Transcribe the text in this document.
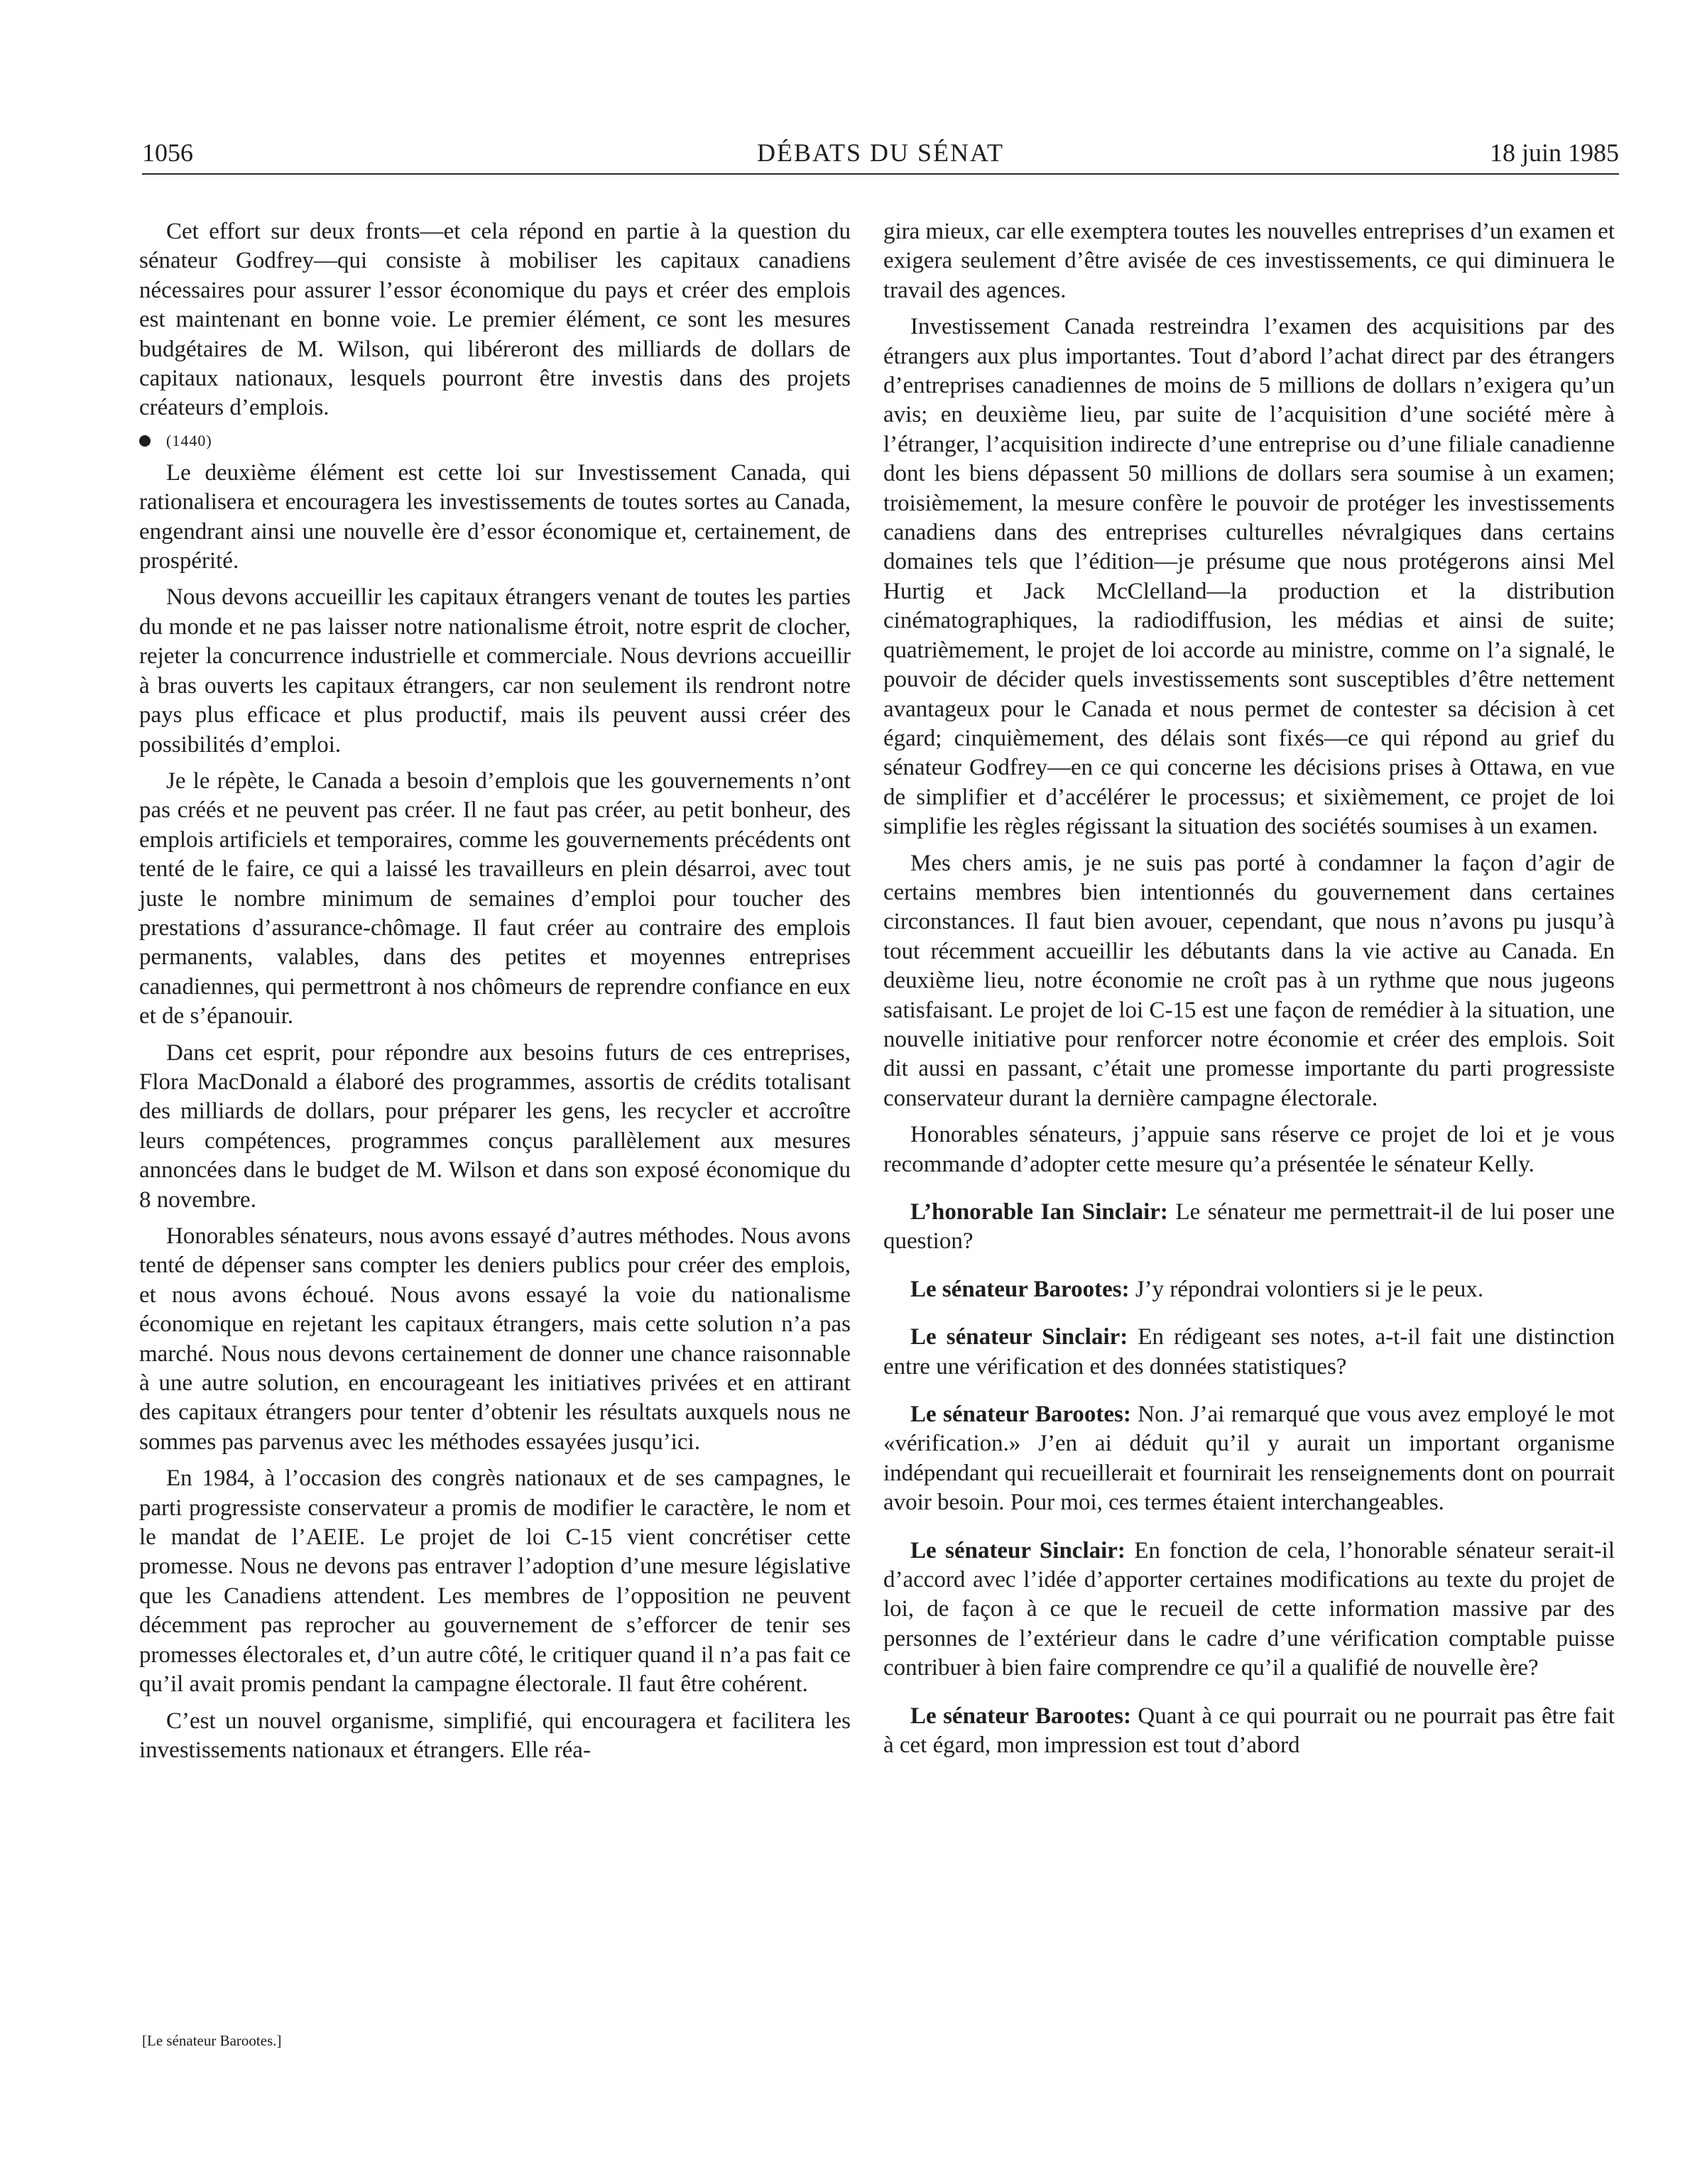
DÉBATS DU SÉNAT
1056	18 juin 1985

Cet effort sur deux fronts—et cela répond en partie à la question du sénateur Godfrey—qui consiste à mobiliser les capitaux canadiens nécessaires pour assurer l’essor économique du pays et créer des emplois est maintenant en bonne voie. Le premier élément, ce sont les mesures budgétaires de M. Wilson, qui libéreront des milliards de dollars de capitaux nationaux, lesquels pourront être investis dans des projets créateurs d’emplois.

(1440)

Le deuxième élément est cette loi sur Investissement Canada, qui rationalisera et encouragera les investissements de toutes sortes au Canada, engendrant ainsi une nouvelle ère d’essor économique et, certainement, de prospérité.

Nous devons accueillir les capitaux étrangers venant de toutes les parties du monde et ne pas laisser notre nationalisme étroit, notre esprit de clocher, rejeter la concurrence industrielle et commerciale. Nous devrions accueillir à bras ouverts les capitaux étrangers, car non seulement ils rendront notre pays plus efficace et plus productif, mais ils peuvent aussi créer des possibilités d’emploi.

Je le répète, le Canada a besoin d’emplois que les gouvernements n’ont pas créés et ne peuvent pas créer. Il ne faut pas créer, au petit bonheur, des emplois artificiels et temporaires, comme les gouvernements précédents ont tenté de le faire, ce qui a laissé les travailleurs en plein désarroi, avec tout juste le nombre minimum de semaines d’emploi pour toucher des prestations d’assurance-chômage. Il faut créer au contraire des emplois permanents, valables, dans des petites et moyennes entreprises canadiennes, qui permettront à nos chômeurs de reprendre confiance en eux et de s’épanouir.

Dans cet esprit, pour répondre aux besoins futurs de ces entreprises, Flora MacDonald a élaboré des programmes, assortis de crédits totalisant des milliards de dollars, pour préparer les gens, les recycler et accroître leurs compétences, programmes conçus parallèlement aux mesures annoncées dans le budget de M. Wilson et dans son exposé économique du 8 novembre.

Honorables sénateurs, nous avons essayé d’autres méthodes. Nous avons tenté de dépenser sans compter les deniers publics pour créer des emplois, et nous avons échoué. Nous avons essayé la voie du nationalisme économique en rejetant les capitaux étrangers, mais cette solution n’a pas marché. Nous nous devons certainement de donner une chance raisonnable à une autre solution, en encourageant les initiatives privées et en attirant des capitaux étrangers pour tenter d’obtenir les résultats auxquels nous ne sommes pas parvenus avec les méthodes essayées jusqu’ici.

En 1984, à l’occasion des congrès nationaux et de ses campagnes, le parti progressiste conservateur a promis de modifier le caractère, le nom et le mandat de l’AEIE. Le projet de loi C-15 vient concrétiser cette promesse. Nous ne devons pas entraver l’adoption d’une mesure législative que les Canadiens attendent. Les membres de l’opposition ne peuvent décemment pas reprocher au gouvernement de s’efforcer de tenir ses promesses électorales et, d’un autre côté, le critiquer quand il n’a pas fait ce qu’il avait promis pendant la campagne électorale. Il faut être cohérent.

C’est un nouvel organisme, simplifié, qui encouragera et facilitera les investissements nationaux et étrangers. Elle réa-

[Le sénateur Barootes.]

gira mieux, car elle exemptera toutes les nouvelles entreprises d’un examen et exigera seulement d’être avisée de ces investissements, ce qui diminuera le travail des agences.

Investissement Canada restreindra l’examen des acquisitions par des étrangers aux plus importantes. Tout d’abord l’achat direct par des étrangers d’entreprises canadiennes de moins de 5 millions de dollars n’exigera qu’un avis; en deuxième lieu, par suite de l’acquisition d’une société mère à l’étranger, l’acquisition indirecte d’une entreprise ou d’une filiale canadienne dont les biens dépassent 50 millions de dollars sera soumise à un examen; troisièmement, la mesure confère le pouvoir de protéger les investissements canadiens dans des entreprises culturelles névralgiques dans certains domaines tels que l’édition—je présume que nous protégerons ainsi Mel Hurtig et Jack McClelland—la production et la distribution cinématographiques, la radiodiffusion, les médias et ainsi de suite; quatrièmement, le projet de loi accorde au ministre, comme on l’a signalé, le pouvoir de décider quels investissements sont susceptibles d’être nettement avantageux pour le Canada et nous permet de contester sa décision à cet égard; cinquièmement, des délais sont fixés—ce qui répond au grief du sénateur Godfrey—en ce qui concerne les décisions prises à Ottawa, en vue de simplifier et d’accélérer le processus; et sixièmement, ce projet de loi simplifie les règles régissant la situation des sociétés soumises à un examen.

Mes chers amis, je ne suis pas porté à condamner la façon d’agir de certains membres bien intentionnés du gouvernement dans certaines circonstances. Il faut bien avouer, cependant, que nous n’avons pu jusqu’à tout récemment accueillir les débutants dans la vie active au Canada. En deuxième lieu, notre économie ne croît pas à un rythme que nous jugeons satisfaisant. Le projet de loi C-15 est une façon de remédier à la situation, une nouvelle initiative pour renforcer notre économie et créer des emplois. Soit dit aussi en passant, c’était une promesse importante du parti progressiste conservateur durant la dernière campagne électorale.

Honorables sénateurs, j’appuie sans réserve ce projet de loi et je vous recommande d’adopter cette mesure qu’a présentée le sénateur Kelly.

L’honorable Ian Sinclair: Le sénateur me permettrait-il de lui poser une question?

Le sénateur Barootes: J’y répondrai volontiers si je le peux.

Le sénateur Sinclair: En rédigeant ses notes, a-t-il fait une distinction entre une vérification et des données statistiques?

Le sénateur Barootes: Non. J’ai remarqué que vous avez employé le mot «vérification.» J’en ai déduit qu’il y aurait un important organisme indépendant qui recueillerait et fournirait les renseignements dont on pourrait avoir besoin. Pour moi, ces termes étaient interchangeables.

Le sénateur Sinclair: En fonction de cela, l’honorable sénateur serait-il d’accord avec l’idée d’apporter certaines modifications au texte du projet de loi, de façon à ce que le recueil de cette information massive par des personnes de l’extérieur dans le cadre d’une vérification comptable puisse contribuer à bien faire comprendre ce qu’il a qualifié de nouvelle ère?

Le sénateur Barootes: Quant à ce qui pourrait ou ne pourrait pas être fait à cet égard, mon impression est tout d’abord
